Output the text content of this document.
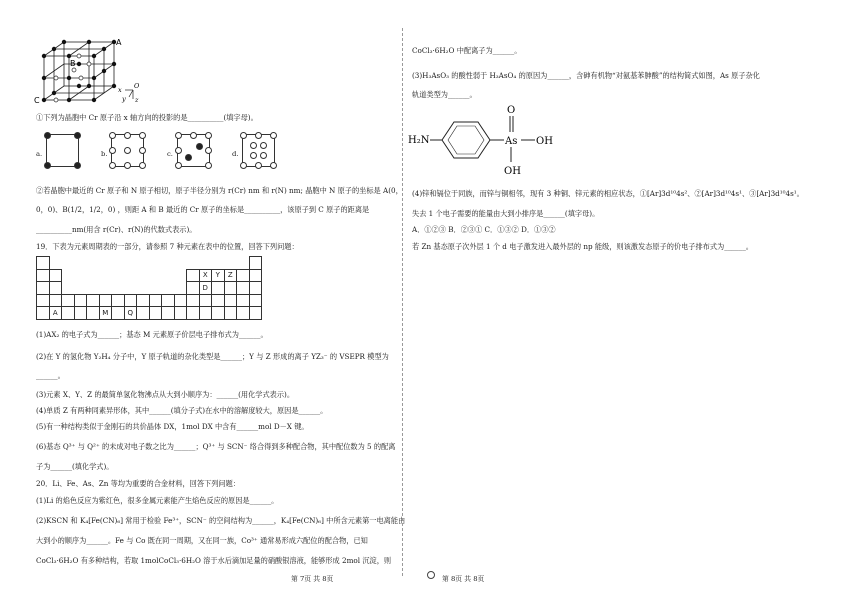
A
B
C
x
y z
O
①下列为晶胞中 Cr 原子沿 x 轴方向的投影的是__________(填字母)。
a.	b.	c.	d.
②若晶胞中最近的 Cr 原子和 N 原子相切，原子半径分别为 r(Cr) nm 和 r(N) nm; 晶胞中 N 原子的坐标是 A(0，
0，0)、B(1/2，1/2，0) ，则距 A 和 B 最近的 Cr 原子的坐标是__________，该原子到 C 原子的距离是
__________nm(用含 r(Cr)、r(N)的代数式表示)。
19．下表为元素周期表的一部分，请参照 7 种元素在表中的位置，回答下列问题：

													X	Y	Z		
													D				

	A				M		Q										
(1)AX₂ 的电子式为______；基态 M 元素原子价层电子排布式为______。
(2)在 Y 的氢化物 Y₂H₄ 分子中，Y 原子轨道的杂化类型是______；Y 与 Z 形成的离子 YZ₃⁻ 的 VSEPR 模型为
______。
(3)元素 X、Y、Z 的最简单氢化物沸点从大到小顺序为：______(用化学式表示)。
(4)单质 Z 有两种同素异形体，其中______(填分子式)在水中的溶解度较大，原因是______。
(5)有一种结构类似于金刚石的共价晶体 DX，1mol DX 中含有______mol D－X 键。
(6)基态 Q³⁺ 与 Q²⁺ 的未成对电子数之比为______；Q³⁺ 与 SCN⁻ 络合得到多种配合物，其中配位数为 5 的配离
子为______(填化学式)。
20．Li、Fe、As、Zn 等均为重要的合金材料，回答下列问题：
(1)Li 的焰色反应为紫红色，很多金属元素能产生焰色反应的原因是______。
(2)KSCN 和 K₄[Fe(CN)₆] 常用于检验 Fe³⁺，SCN⁻ 的空间结构为______，K₄[Fe(CN)₆] 中所含元素第一电离能由
大到小的顺序为______。Fe 与 Co 既在同一周期，又在同一族，Co³⁺ 通常易形成六配位的配合物，已知
CoCl₃·6H₂O 有多种结构，若取 1molCoCl₃·6H₂O 溶于水后滴加足量的硝酸银溶液，能够形成 2mol 沉淀，则
第 7页 共 8页
CoCl₃·6H₂O 中配离子为______。
(3)H₃AsO₃ 的酸性弱于 H₃AsO₄ 的原因为______，含砷有机物“对氨基苯胂酸”的结构简式如图，As 原子杂化
轨道类型为______。
H₂N	As
O
OH
OH
(4)锌和镉位于同族，而锌与铜相邻，现有 3 种铜、锌元素的相应状态，①[Ar]3d¹⁰4s²、②[Ar]3d¹⁰4s¹、③[Ar]3d¹⁰4s¹。
失去 1 个电子需要的能量由大到小排序是______(填字母)。
A．①②③ B．②③① C．①③② D．①③②
若 Zn 基态原子次外层 1 个 d 电子激发进入最外层的 np 能级，则该激发态原子的价电子排布式为______。
第 8页 共 8页
